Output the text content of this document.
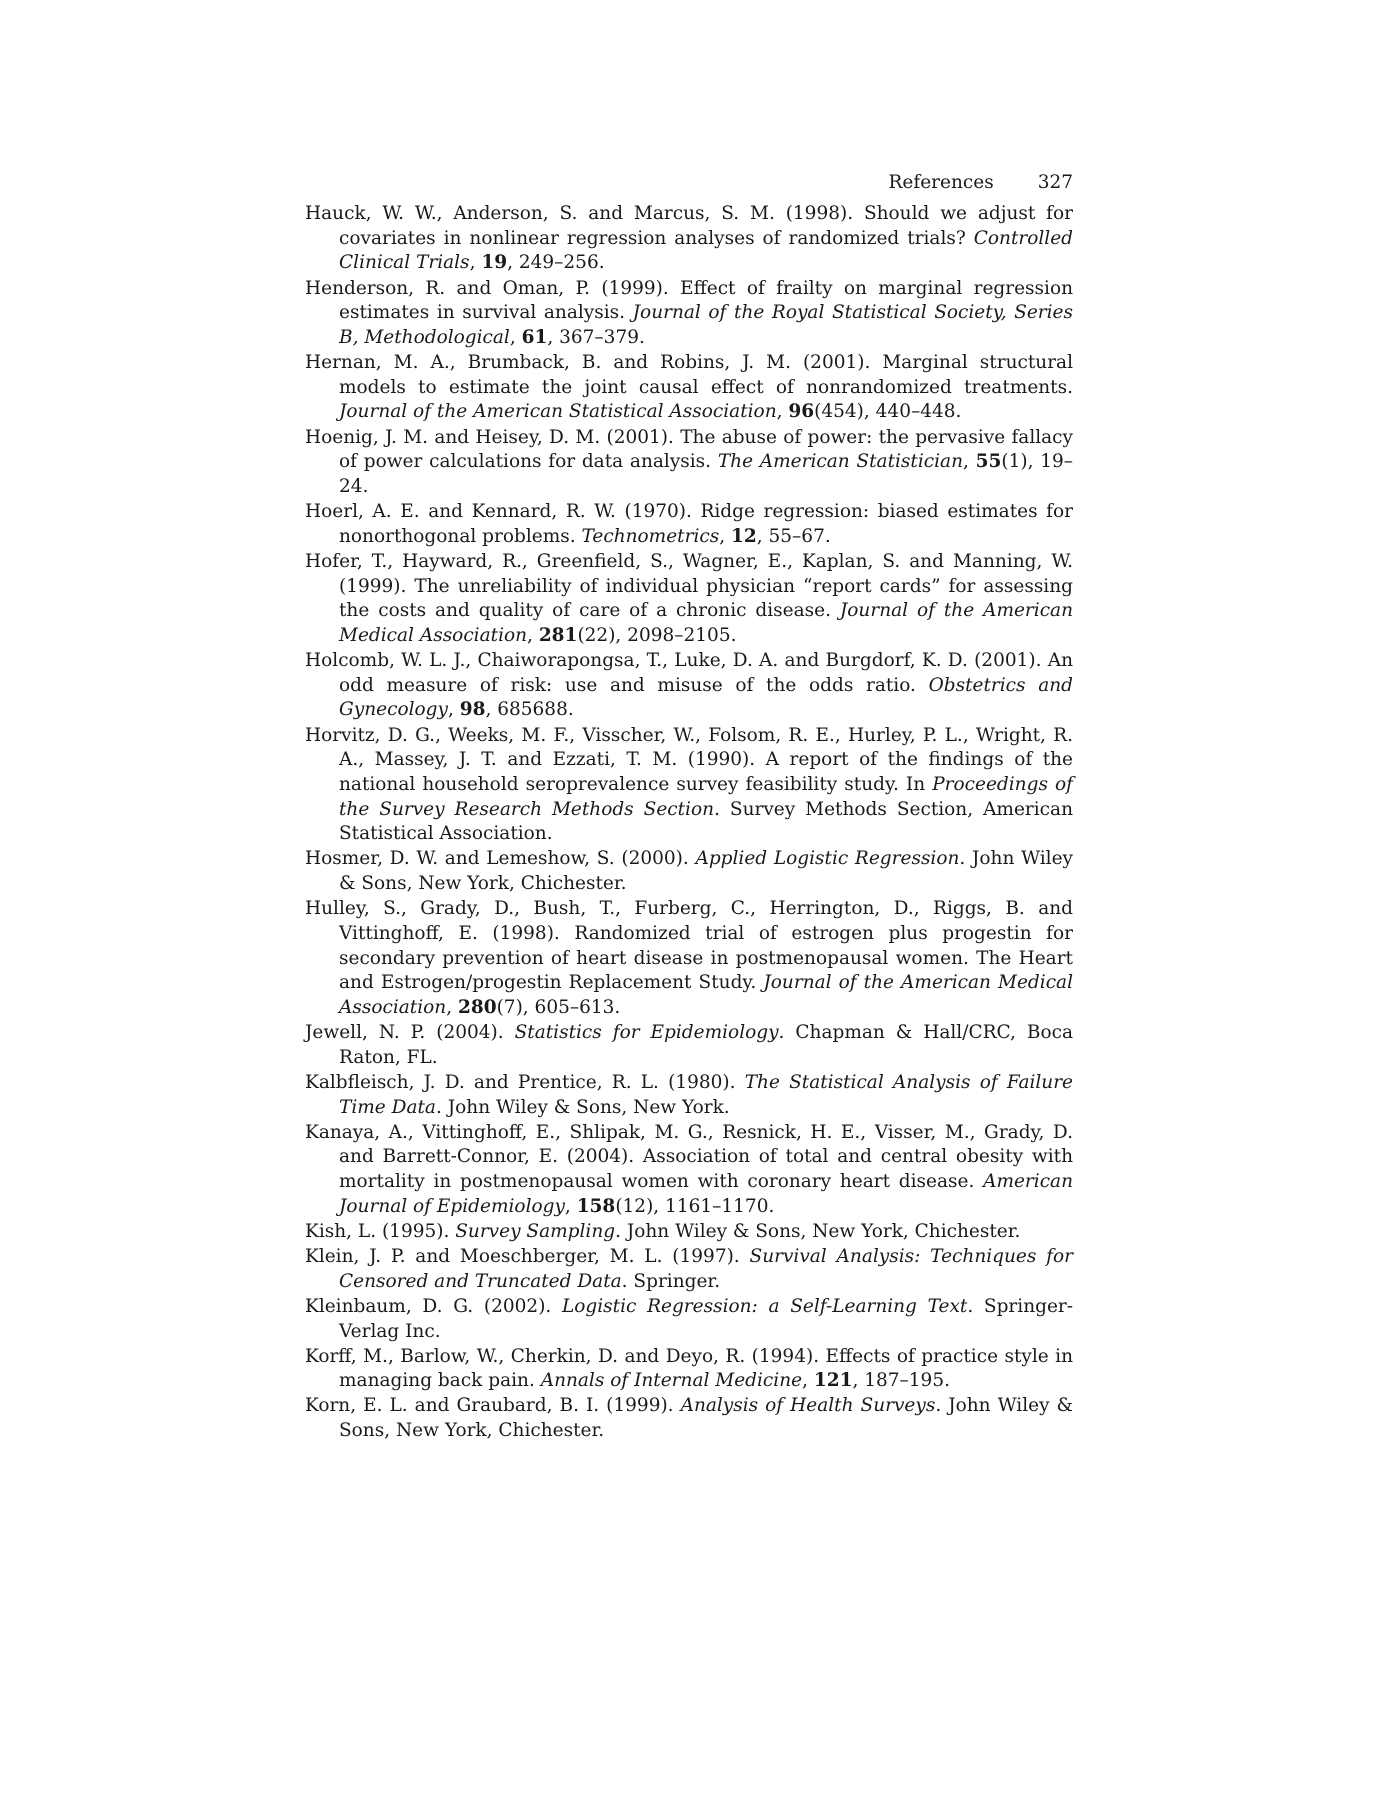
References 327
Hauck, W. W., Anderson, S. and Marcus, S. M. (1998). Should we adjust for covariates in nonlinear regression analyses of randomized trials? Controlled Clinical Trials, 19, 249–256.
Henderson, R. and Oman, P. (1999). Effect of frailty on marginal regression estimates in survival analysis. Journal of the Royal Statistical Society, Series B, Methodological, 61, 367–379.
Hernan, M. A., Brumback, B. and Robins, J. M. (2001). Marginal structural models to estimate the joint causal effect of nonrandomized treatments. Journal of the American Statistical Association, 96(454), 440–448.
Hoenig, J. M. and Heisey, D. M. (2001). The abuse of power: the pervasive fallacy of power calculations for data analysis. The American Statistician, 55(1), 19–24.
Hoerl, A. E. and Kennard, R. W. (1970). Ridge regression: biased estimates for nonorthogonal problems. Technometrics, 12, 55–67.
Hofer, T., Hayward, R., Greenfield, S., Wagner, E., Kaplan, S. and Manning, W. (1999). The unreliability of individual physician “report cards” for assessing the costs and quality of care of a chronic disease. Journal of the American Medical Association, 281(22), 2098–2105.
Holcomb, W. L. J., Chaiworapongsa, T., Luke, D. A. and Burgdorf, K. D. (2001). An odd measure of risk: use and misuse of the odds ratio. Obstetrics and Gynecology, 98, 685688.
Horvitz, D. G., Weeks, M. F., Visscher, W., Folsom, R. E., Hurley, P. L., Wright, R. A., Massey, J. T. and Ezzati, T. M. (1990). A report of the findings of the national household seroprevalence survey feasibility study. In Proceedings of the Survey Research Methods Section. Survey Methods Section, American Statistical Association.
Hosmer, D. W. and Lemeshow, S. (2000). Applied Logistic Regression. John Wiley & Sons, New York, Chichester.
Hulley, S., Grady, D., Bush, T., Furberg, C., Herrington, D., Riggs, B. and Vittinghoff, E. (1998). Randomized trial of estrogen plus progestin for secondary prevention of heart disease in postmenopausal women. The Heart and Estrogen/progestin Replacement Study. Journal of the American Medical Association, 280(7), 605–613.
Jewell, N. P. (2004). Statistics for Epidemiology. Chapman & Hall/CRC, Boca Raton, FL.
Kalbfleisch, J. D. and Prentice, R. L. (1980). The Statistical Analysis of Failure Time Data. John Wiley & Sons, New York.
Kanaya, A., Vittinghoff, E., Shlipak, M. G., Resnick, H. E., Visser, M., Grady, D. and Barrett-Connor, E. (2004). Association of total and central obesity with mortality in postmenopausal women with coronary heart disease. American Journal of Epidemiology, 158(12), 1161–1170.
Kish, L. (1995). Survey Sampling. John Wiley & Sons, New York, Chichester.
Klein, J. P. and Moeschberger, M. L. (1997). Survival Analysis: Techniques for Censored and Truncated Data. Springer.
Kleinbaum, D. G. (2002). Logistic Regression: a Self-Learning Text. Springer-Verlag Inc.
Korff, M., Barlow, W., Cherkin, D. and Deyo, R. (1994). Effects of practice style in managing back pain. Annals of Internal Medicine, 121, 187–195.
Korn, E. L. and Graubard, B. I. (1999). Analysis of Health Surveys. John Wiley & Sons, New York, Chichester.
